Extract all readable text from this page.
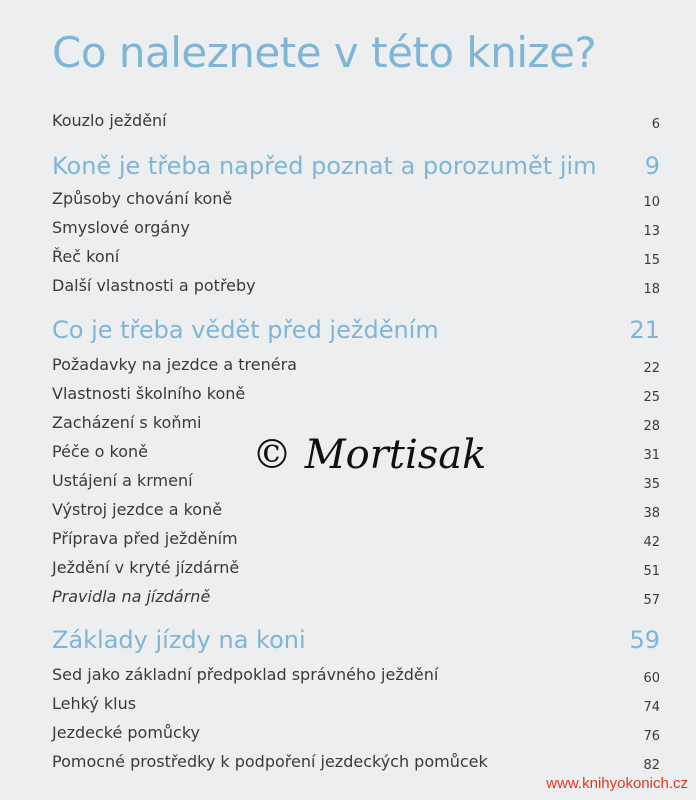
Co naleznete v této knize?
Kouzlo ježdění	6
Koně je třeba napřed poznat a porozumět jim 9
Způsoby chování koně	10
Smyslové orgány	13
Řeč koní	15
Další vlastnosti a potřeby	18
Co je třeba vědět před ježděním	21
Požadavky na jezdce a trenéra	22
Vlastnosti školního koně	25
Zacházení s koňmi	28
Péče o koně	31
Ustájení a krmení	35
Výstroj jezdce a koně	38
Příprava před ježděním	42
Ježdění v kryté jízdárně	51
Pravidla na jízdárně	57
Základy jízdy na koni	59
Sed jako základní předpoklad správného ježdění	60
Lehký klus	74
Jezdecké pomůcky	76
Pomocné prostředky k podpoření jezdeckých pomůcek	82
© Mortisak
www.knihyokonich.cz
